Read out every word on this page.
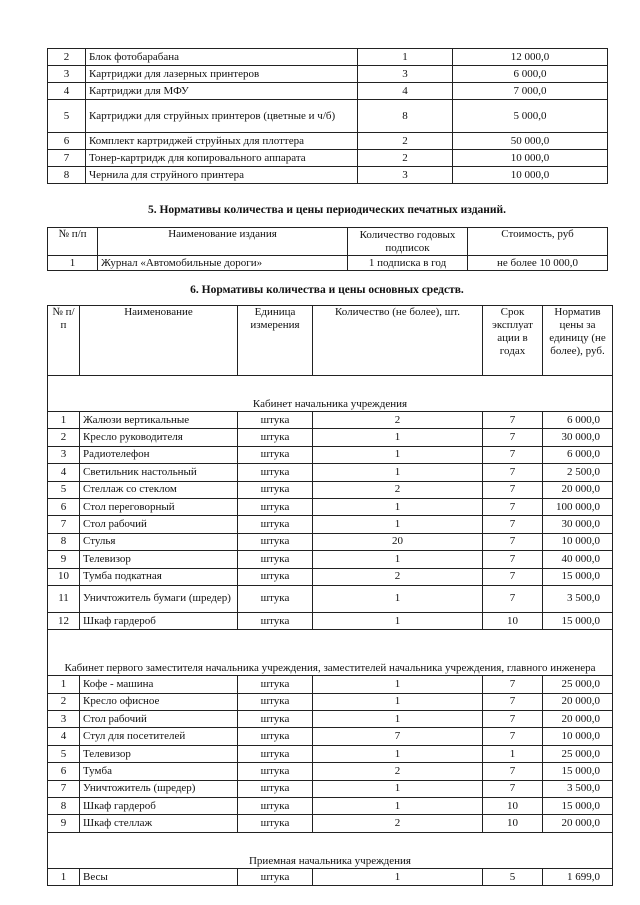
2	Блок фотобарабана	1	12 000,0
3	Картриджи для лазерных принтеров	3	6 000,0
4	Картриджи для МФУ	4	7 000,0
5	Картриджи для струйных принтеров (цветные и ч/б)	8	5 000,0
6	Комплект картриджей струйных для плоттера	2	50 000,0
7	Тонер-картридж для копировального аппарата	2	10 000,0
8	Чернила для струйного принтера	3	10 000,0
5. Нормативы количества и цены периодических печатных изданий.
№ п/п	Наименование издания	Количество годовых подписок	Стоимость, руб
1	Журнал «Автомобильные дороги»	1 подписка в год	не более 10 000,0
6. Нормативы количества и цены основных средств.
№ п/п	Наименование	Единица измерения	Количество (не более), шт.	Срок эксплуат ации в годах	Норматив цены за единицу (не более), руб.
Кабинет начальника учреждения					
1	Жалюзи вертикальные	штука	2	7	6 000,0
2	Кресло руководителя	штука	1	7	30 000,0
3	Радиотелефон	штука	1	7	6 000,0
4	Светильник настольный	штука	1	7	2 500,0
5	Стеллаж со стеклом	штука	2	7	20 000,0
6	Стол переговорный	штука	1	7	100 000,0
7	Стол рабочий	штука	1	7	30 000,0
8	Стулья	штука	20	7	10 000,0
9	Телевизор	штука	1	7	40 000,0
10	Тумба подкатная	штука	2	7	15 000,0
11	Уничтожитель бумаги (шредер)	штука	1	7	3 500,0
12	Шкаф гардероб	штука	1	10	15 000,0
Кабинет первого заместителя начальника учреждения, заместителей начальника учреждения, главного инженера					
1	Кофе - машина	штука	1	7	25 000,0
2	Кресло офисное	штука	1	7	20 000,0
3	Стол рабочий	штука	1	7	20 000,0
4	Стул для посетителей	штука	7	7	10 000,0
5	Телевизор	штука	1	1	25 000,0
6	Тумба	штука	2	7	15 000,0
7	Уничтожитель (шредер)	штука	1	7	3 500,0
8	Шкаф гардероб	штука	1	10	15 000,0
9	Шкаф стеллаж	штука	2	10	20 000,0
Приемная начальника учреждения					
1	Весы	штука	1	5	1 699,0
